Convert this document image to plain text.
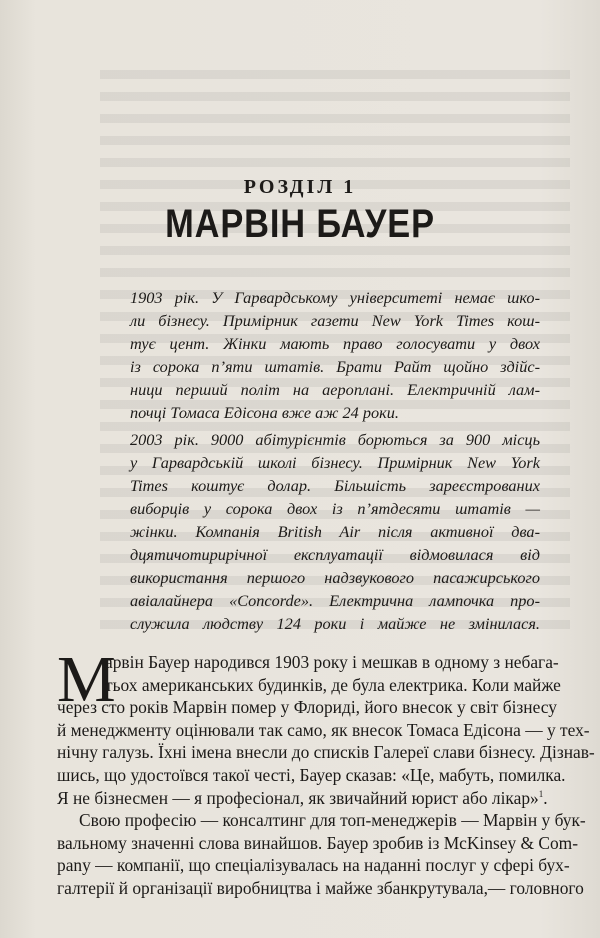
РОЗДІЛ 1
МАРВІН БАУЕР
1903 рік. У Гарвардському університеті немає шко-
ли бізнесу. Примірник газети New York Times кош-
тує цент. Жінки мають право голосувати у двох
із сорока п’яти штатів. Брати Райт щойно здійс-
ници перший політ на аероплані. Електричній лам-
почці Томаса Едісона вже аж 24 роки.
2003 рік. 9000 абітурієнтів борються за 900 місць
у Гарвардській школі бізнесу. Примірник New York
Times коштує долар. Більшість зареєстрованих
виборців у сорока двох із п’ятдесяти штатів —
жінки. Компанія British Air після активної два-
дцятичотирирічної експлуатації відмовилася від
використання першого надзвукового пасажирського
авіалайнера «Concorde». Електрична лампочка про-
служила людству 124 роки і майже не змінилася.
М
арвін Бауер народився 1903 року і мешкав в одному з небага-
тьох американських будинків, де була електрика. Коли майже
через сто років Марвін помер у Флориді, його внесок у світ бізнесу
й менеджменту оцінювали так само, як внесок Томаса Едісона — у тех-
нічну галузь. Їхні імена внесли до списків Галереї слави бізнесу. Дізнав-
шись, що удостоївся такої честі, Бауер сказав: «Це, мабуть, помилка.
Я не бізнесмен — я професіонал, як звичайний юрист або лікар»$^1$.
Свою професію — консалтинг для топ-менеджерів — Марвін у бук-
вальному значенні слова винайшов. Бауер зробив із McKinsey & Com-
pany — компанії, що спеціалізувалась на наданні послуг у сфері бух-
галтерії й організації виробництва і майже збанкрутувала,— головного
